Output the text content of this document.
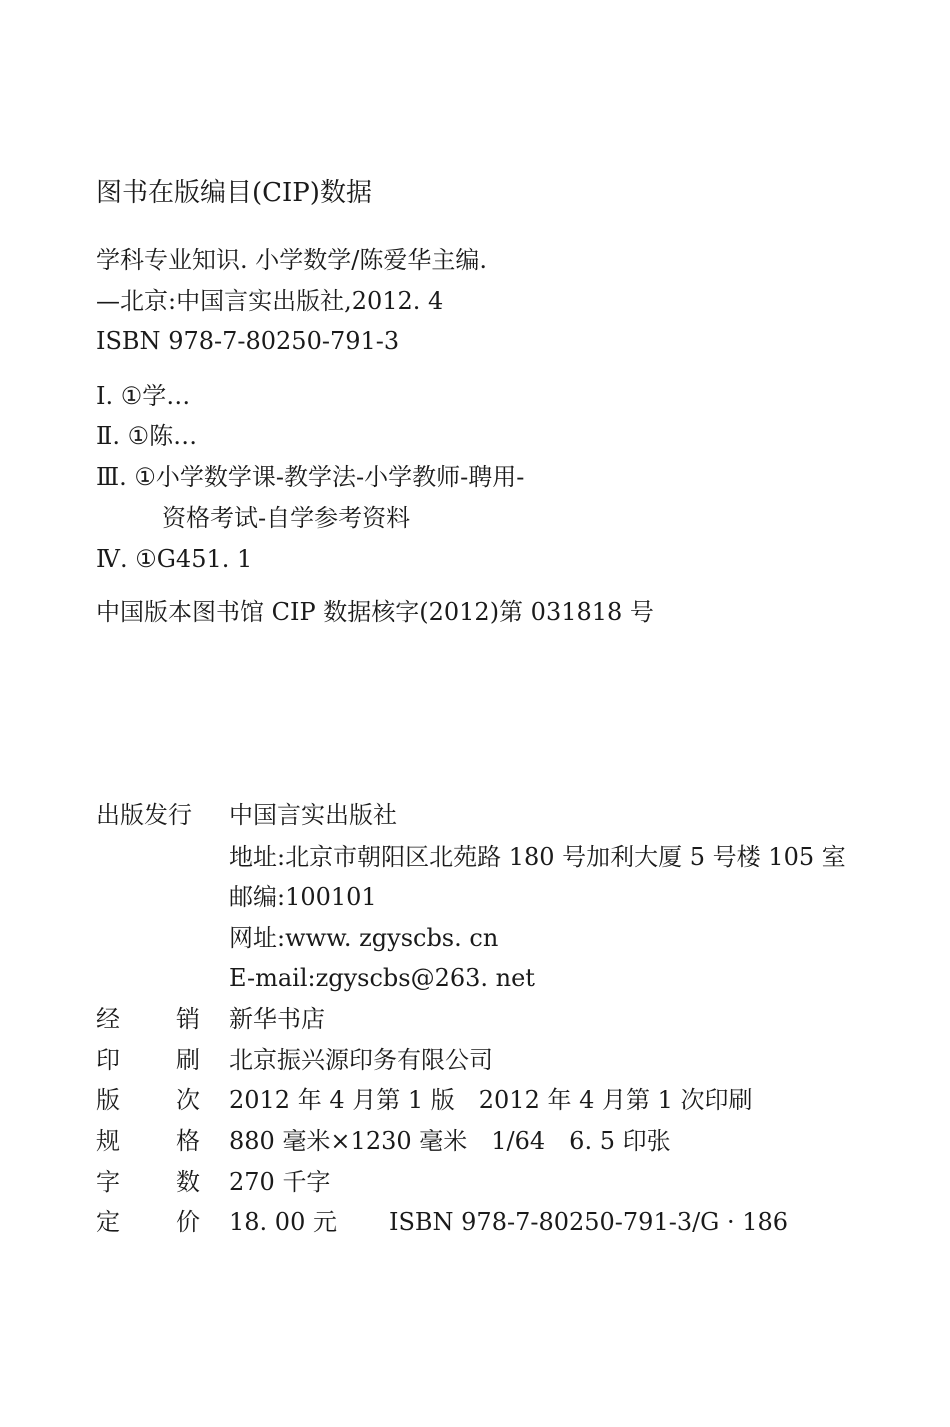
图书在版编目(CIP)数据
学科专业知识. 小学数学/陈爱华主编.
—北京:中国言实出版社,2012. 4
ISBN 978-7-80250-791-3
Ⅰ. ①学…
Ⅱ. ①陈…
Ⅲ. ①小学数学课-教学法-小学教师-聘用-
资格考试-自学参考资料
Ⅳ. ①G451. 1
中国版本图书馆 CIP 数据核字(2012)第 031818 号
出版发行 中国言实出版社
地址:北京市朝阳区北苑路 180 号加利大厦 5 号楼 105 室
邮编:100101
网址:www. zgyscbs. cn
E-mail:zgyscbs@263. net
经 销 新华书店
印 刷 北京振兴源印务有限公司
版 次 2012 年 4 月第 1 版 2012 年 4 月第 1 次印刷
规 格 880 毫米×1230 毫米 1/64 6. 5 印张
字 数 270 千字
定 价 18. 00 元 ISBN 978-7-80250-791-3/G · 186
